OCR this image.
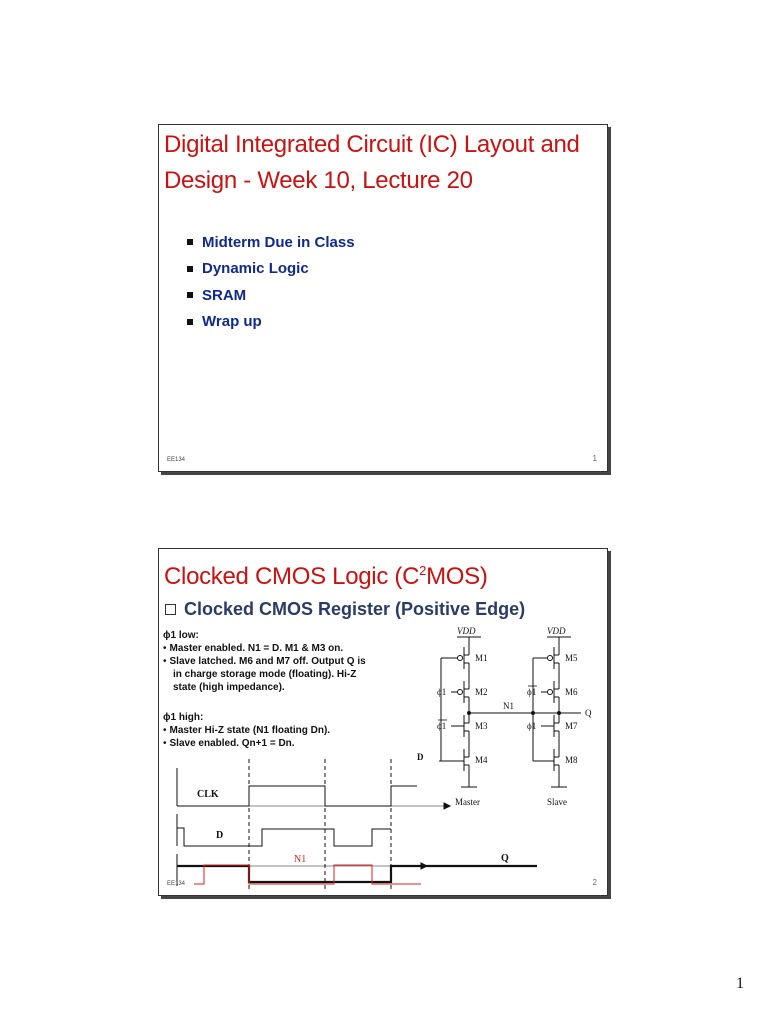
Digital Integrated Circuit (IC) Layout and
Design - Week 10, Lecture 20
Midterm Due in Class
Dynamic Logic
SRAM
Wrap up
EE134	1
Clocked CMOS Logic $(C^2MOS)$
Clocked CMOS Register (Positive Edge)
ϕ1 low:
• Master enabled. N1 = D. M1 & M3 on.
• Slave latched. M6 and M7 off. Output Q is
in charge storage mode (floating). Hi-Z
state (high impedance).
ϕ1 high:
• Master Hi-Z state (N1 floating Dn).
• Slave enabled. Qn+1 = Dn.
VDD	VDD
M1
M2
M3
M4
M5
M6
M7
M8
ϕ1
ϕ1
ϕ1
ϕ1
N1
D
Q
Master	Slave
CLK
D
Q
N1
EE134	2
1
